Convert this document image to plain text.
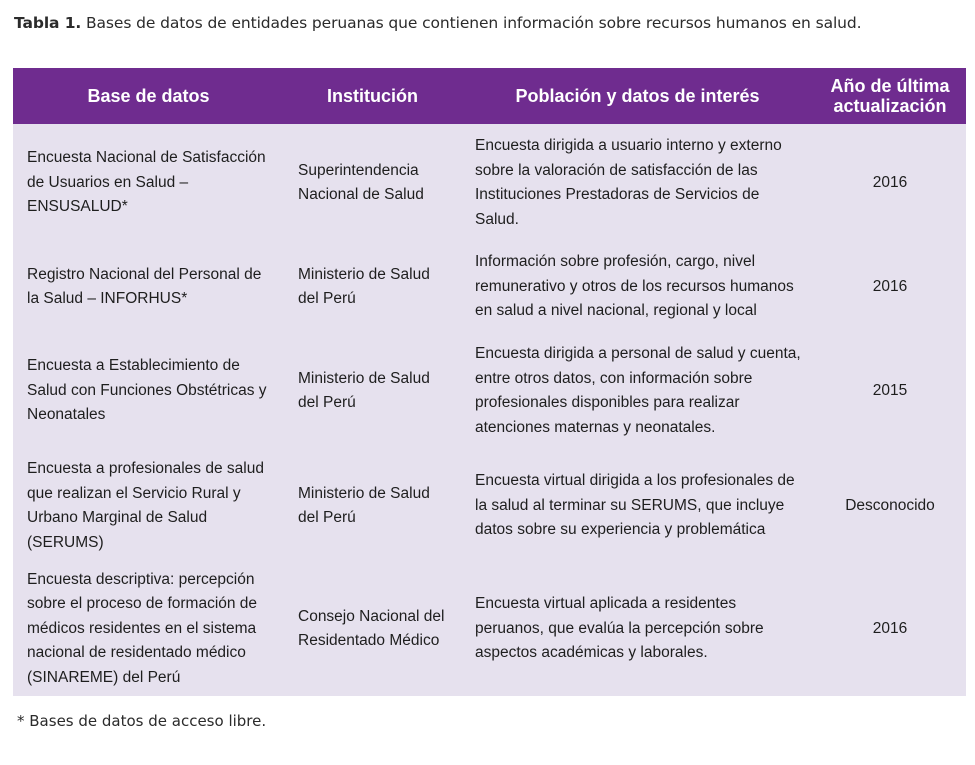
Tabla 1. Bases de datos de entidades peruanas que contienen información sobre recursos humanos en salud.
Base de datos	Institución	Población y datos de interés	Año de última actualización
Encuesta Nacional de Satisfacción de Usuarios en Salud – ENSUSALUD*	Superintendencia Nacional de Salud	Encuesta dirigida a usuario interno y externo sobre la valoración de satisfacción de las Instituciones Prestadoras de Servicios de Salud.	2016
Registro Nacional del Personal de la Salud – INFORHUS*	Ministerio de Salud del Perú	Información sobre profesión, cargo, nivel remunerativo y otros de los recursos humanos en salud a nivel nacional, regional y local	2016
Encuesta a Establecimiento de Salud con Funciones Obstétricas y Neonatales	Ministerio de Salud del Perú	Encuesta dirigida a personal de salud y cuenta, entre otros datos, con información sobre profesionales disponibles para realizar atenciones maternas y neonatales.	2015
Encuesta a profesionales de salud que realizan el Servicio Rural y Urbano Marginal de Salud (SERUMS)	Ministerio de Salud del Perú	Encuesta virtual dirigida a los profesionales de la salud al terminar su SERUMS, que incluye datos sobre su experiencia y problemática	Desconocido
Encuesta descriptiva: percepción sobre el proceso de formación de médicos residentes en el sistema nacional de residentado médico (SINAREME) del Perú	Consejo Nacional del Residentado Médico	Encuesta virtual aplicada a residentes peruanos, que evalúa la percepción sobre aspectos académicas y laborales.	2016
* Bases de datos de acceso libre.
